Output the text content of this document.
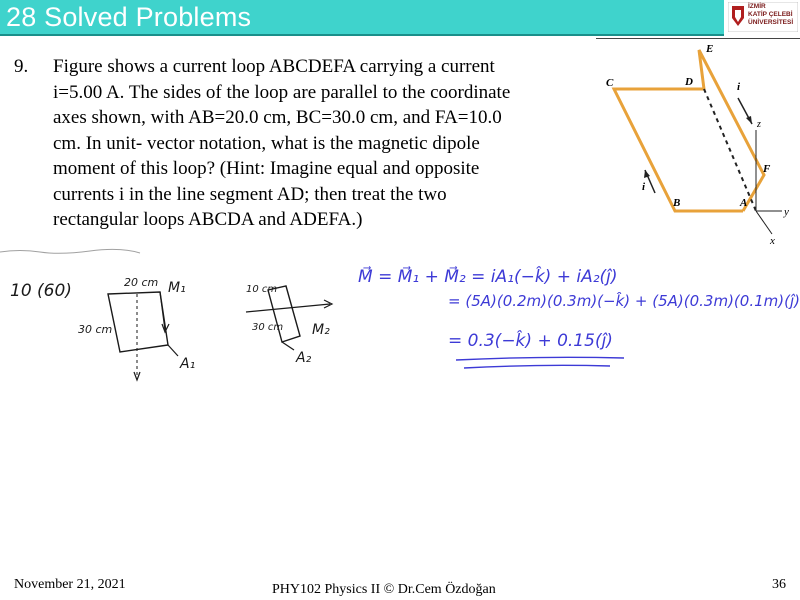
28 Solved Problems	İZMİR
KATİP ÇELEBİ
ÜNİVERSİTESİ
9. Figure shows a current loop ABCDEFA carrying a current
i=5.00 A. The sides of the loop are parallel to the coordinate
axes shown, with AB=20.0 cm, BC=30.0 cm, and FA=10.0
cm. In unit- vector notation, what is the magnetic dipole
moment of this loop? (Hint: Imagine equal and opposite
currents i in the line segment AD; then treat the two
rectangular loops ABCDA and ADEFA.)
E
D
C
B	A
F
i
i
z
y
x
10 (60)	20 cm
30 cm
M₁
A₁
10 cm
30 cm M₂
A₂
M⃗ = M⃗₁ + M⃗₂ = iA₁(−k̂) + iA₂(ĵ)
= (5A)(0.2m)(0.3m)(−k̂) + (5A)(0.3m)(0.1m)(ĵ)
= 0.3(−k̂) + 0.15(ĵ)
November 21, 2021	PHY102 Physics II © Dr.Cem Özdoğan	36
